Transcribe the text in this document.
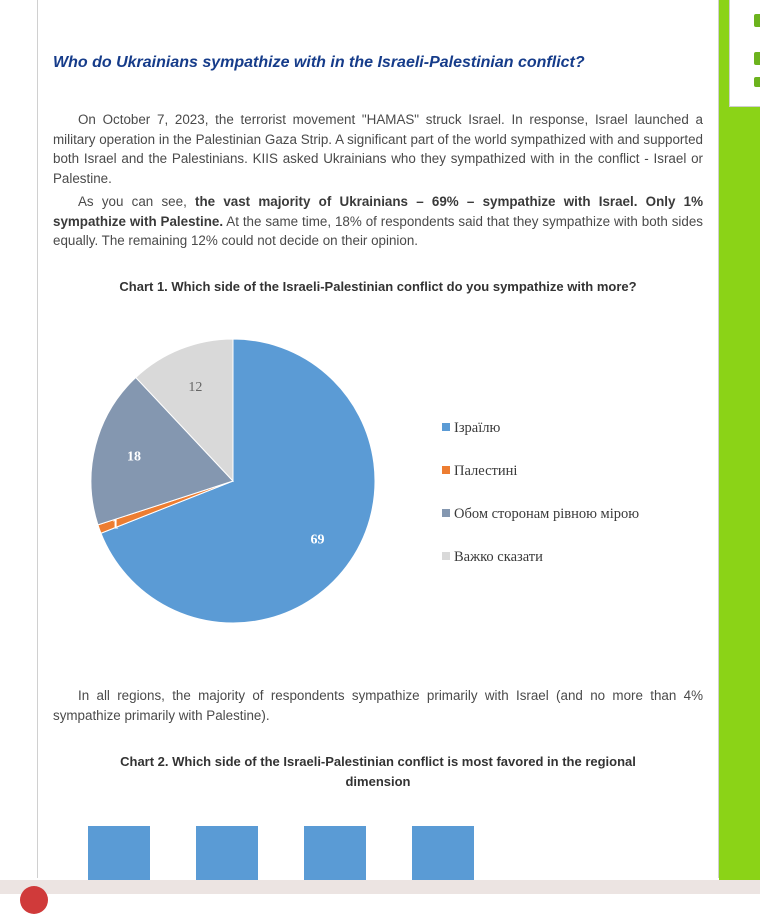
Who do Ukrainians sympathize with in the Israeli-Palestinian conflict?

On October 7, 2023, the terrorist movement "HAMAS" struck Israel. In response, Israel launched a military operation in the Palestinian Gaza Strip. A significant part of the world sympathized with and supported both Israel and the Palestinians. KIIS asked Ukrainians who they sympathized with in the conflict - Israel or Palestine.

As you can see, the vast majority of Ukrainians – 69% – sympathize with Israel. Only 1% sympathize with Palestine. At the same time, 18% of respondents said that they sympathize with both sides equally. The remaining 12% could not decide on their opinion.

Chart 1. Which side of the Israeli-Palestinian conflict do you sympathize with more?
69
1
18
12
Ізраїлю
Палестині
Обом сторонам рівною мірою
Важко сказати

In all regions, the majority of respondents sympathize primarily with Israel (and no more than 4% sympathize primarily with Palestine).

Chart 2. Which side of the Israeli-Palestinian conflict is most favored in the regional dimension
